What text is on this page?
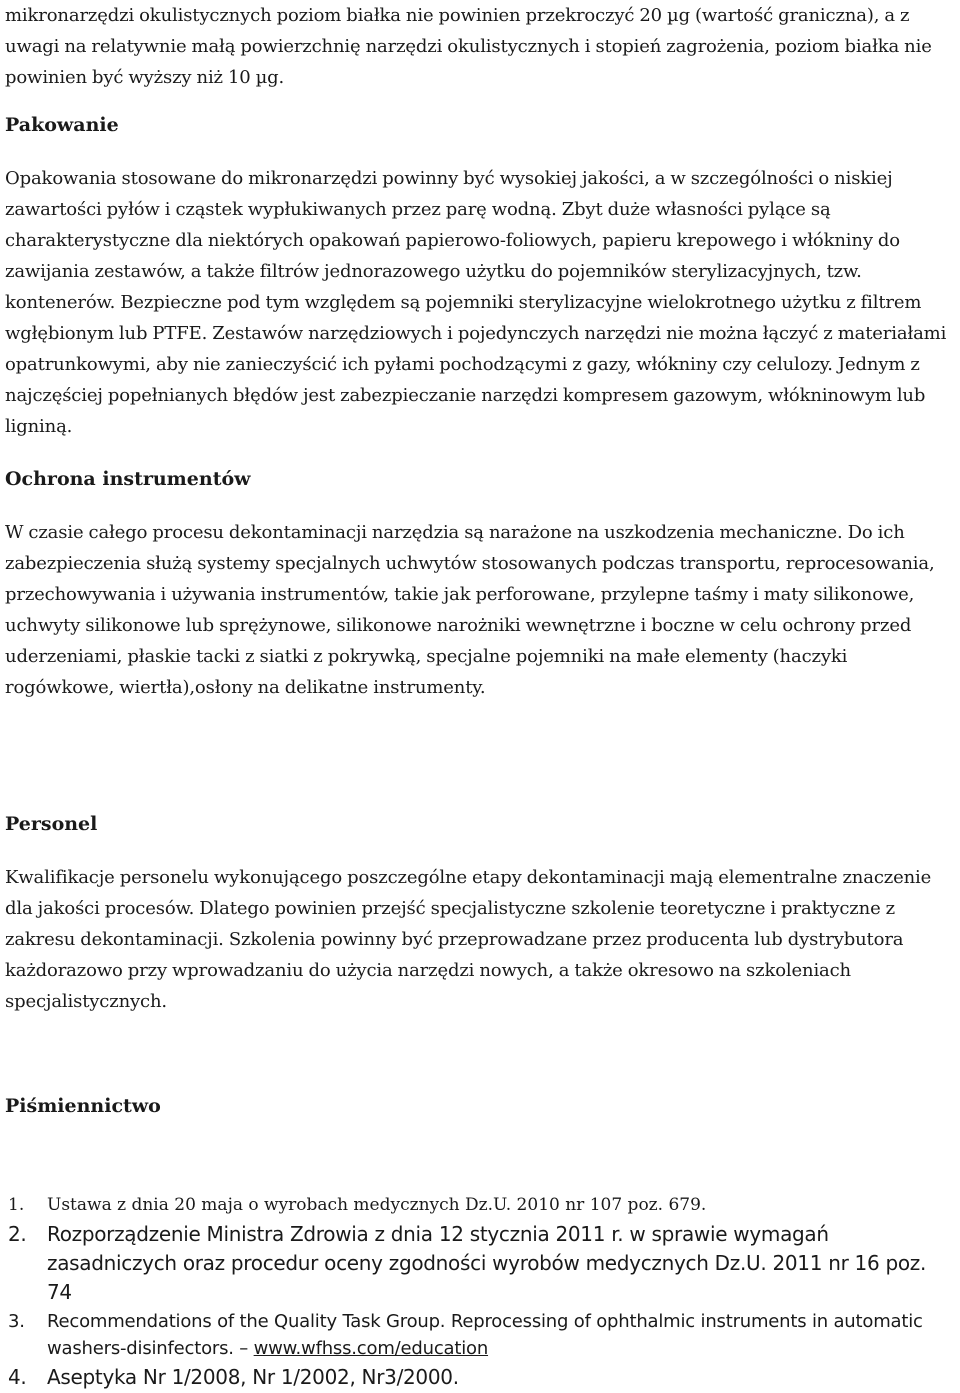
mikronarzędzi okulistycznych poziom białka nie powinien przekroczyć 20 µg (wartość graniczna), a z uwagi na relatywnie małą powierzchnię narzędzi okulistycznych i stopień zagrożenia, poziom białka nie powinien być wyższy niż 10 µg.

Pakowanie

Opakowania stosowane do mikronarzędzi powinny być wysokiej jakości, a w szczególności o niskiej zawartości pyłów i cząstek wypłukiwanych przez parę wodną. Zbyt duże własności pylące są charakterystyczne dla niektórych opakowań papierowo-foliowych, papieru krepowego i włókniny do zawijania zestawów, a także filtrów jednorazowego użytku do pojemników sterylizacyjnych, tzw. kontenerów. Bezpieczne pod tym względem są pojemniki sterylizacyjne wielokrotnego użytku z filtrem wgłębionym lub PTFE. Zestawów narzędziowych i pojedynczych narzędzi nie można łączyć z materiałami opatrunkowymi, aby nie zanieczyścić ich pyłami pochodzącymi z gazy, włókniny czy celulozy. Jednym z najczęściej popełnianych błędów jest zabezpieczanie narzędzi kompresem gazowym, włókninowym lub ligniną.

Ochrona instrumentów

W czasie całego procesu dekontaminacji narzędzia są narażone na uszkodzenia mechaniczne. Do ich zabezpieczenia służą systemy specjalnych uchwytów stosowanych podczas transportu, reprocesowania, przechowywania i używania instrumentów, takie jak perforowane, przylepne taśmy i maty silikonowe, uchwyty silikonowe lub sprężynowe, silikonowe narożniki wewnętrzne i boczne w celu ochrony przed uderzeniami, płaskie tacki z siatki z pokrywką, specjalne pojemniki na małe elementy (haczyki rogówkowe, wiertła),osłony na delikatne instrumenty.

Personel

Kwalifikacje personelu wykonującego poszczególne etapy dekontaminacji mają elementralne znaczenie dla jakości procesów. Dlatego powinien przejść specjalistyczne szkolenie teoretyczne i praktyczne z zakresu dekontaminacji. Szkolenia powinny być przeprowadzane przez producenta lub dystrybutora każdorazowo przy wprowadzaniu do użycia narzędzi nowych, a także okresowo na szkoleniach specjalistycznych.

Piśmiennictwo
1. Ustawa z dnia 20 maja o wyrobach medycznych Dz.U. 2010 nr 107 poz. 679.
2. Rozporządzenie Ministra Zdrowia z dnia 12 stycznia 2011 r. w sprawie wymagań zasadniczych oraz procedur oceny zgodności wyrobów medycznych Dz.U. 2011 nr 16 poz. 74
3. Recommendations of the Quality Task Group. Reprocessing of ophthalmic instruments in automatic washers-disinfectors. – www.wfhss.com/education
4. Aseptyka Nr 1/2008, Nr 1/2002, Nr3/2000.
